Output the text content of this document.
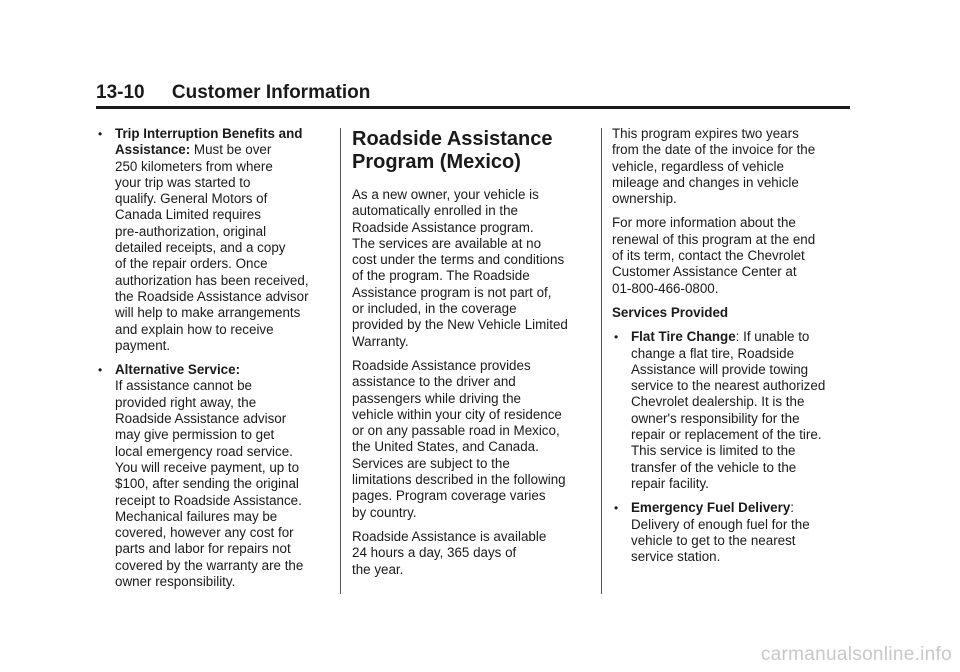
13-10 Customer Information
• Trip Interruption Benefits and Assistance: Must be over
250 kilometers from where
your trip was started to
qualify. General Motors of
Canada Limited requires
pre-authorization, original
detailed receipts, and a copy
of the repair orders. Once
authorization has been received,
the Roadside Assistance advisor
will help to make arrangements
and explain how to receive
payment.
• Alternative Service:
If assistance cannot be
provided right away, the
Roadside Assistance advisor
may give permission to get
local emergency road service.
You will receive payment, up to
$100, after sending the original
receipt to Roadside Assistance.
Mechanical failures may be
covered, however any cost for
parts and labor for repairs not
covered by the warranty are the
owner responsibility.
Roadside Assistance
Program (Mexico)

As a new owner, your vehicle is
automatically enrolled in the
Roadside Assistance program.
The services are available at no
cost under the terms and conditions
of the program. The Roadside
Assistance program is not part of,
or included, in the coverage
provided by the New Vehicle Limited
Warranty.

Roadside Assistance provides
assistance to the driver and
passengers while driving the
vehicle within your city of residence
or on any passable road in Mexico,
the United States, and Canada.
Services are subject to the
limitations described in the following
pages. Program coverage varies
by country.

Roadside Assistance is available
24 hours a day, 365 days of
the year.

This program expires two years
from the date of the invoice for the
vehicle, regardless of vehicle
mileage and changes in vehicle
ownership.

For more information about the
renewal of this program at the end
of its term, contact the Chevrolet
Customer Assistance Center at
01-800-466-0800.

Services Provided
• Flat Tire Change: If unable to
change a flat tire, Roadside
Assistance will provide towing
service to the nearest authorized
Chevrolet dealership. It is the
owner's responsibility for the
repair or replacement of the tire.
This service is limited to the
transfer of the vehicle to the
repair facility.
• Emergency Fuel Delivery:
Delivery of enough fuel for the
vehicle to get to the nearest
service station.
carmanualsonline.info
